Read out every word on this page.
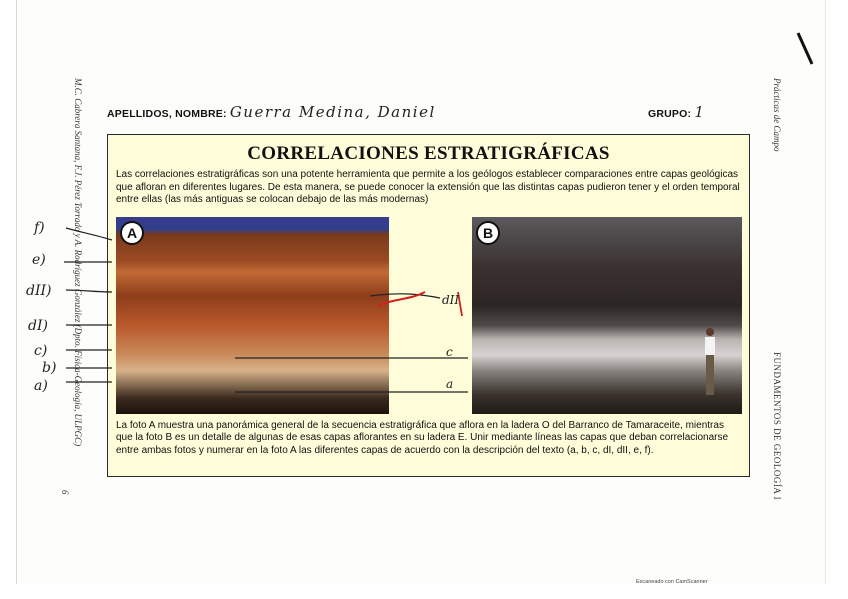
M.C. Cabrera Santana, F.J. Pérez Torrado y A. Rodríguez González (Dpto. Física-Geología, ULPGC)
6
Prácticas de Campo
FUNDAMENTOS DE GEOLOGÍA I
APELLIDOS, NOMBRE: Guerra Medina, Daniel	GRUPO: 1
CORRELACIONES ESTRATIGRÁFICAS
Las correlaciones estratigráficas son una potente herramienta que permite a los geólogos establecer comparaciones entre capas geológicas que afloran en diferentes lugares. De esta manera, se puede conocer la extensión que las distintas capas pudieron tener y el orden temporal entre ellas (las más antiguas se colocan debajo de las más modernas)
A	B
La foto A muestra una panorámica general de la secuencia estratigráfica que aflora en la ladera O del Barranco de Tamaraceite, mientras que la foto B es un detalle de algunas de esas capas aflorantes en su ladera E. Unir mediante líneas las capas que deban correlacionarse entre ambas fotos y numerar en la foto A las diferentes capas de acuerdo con la descripción del texto (a, b, c, dI, dII, e, f).
f)
e)
dII)
dI)
c)
b)
a)
dII
c
a
Escaneado con CamScanner
